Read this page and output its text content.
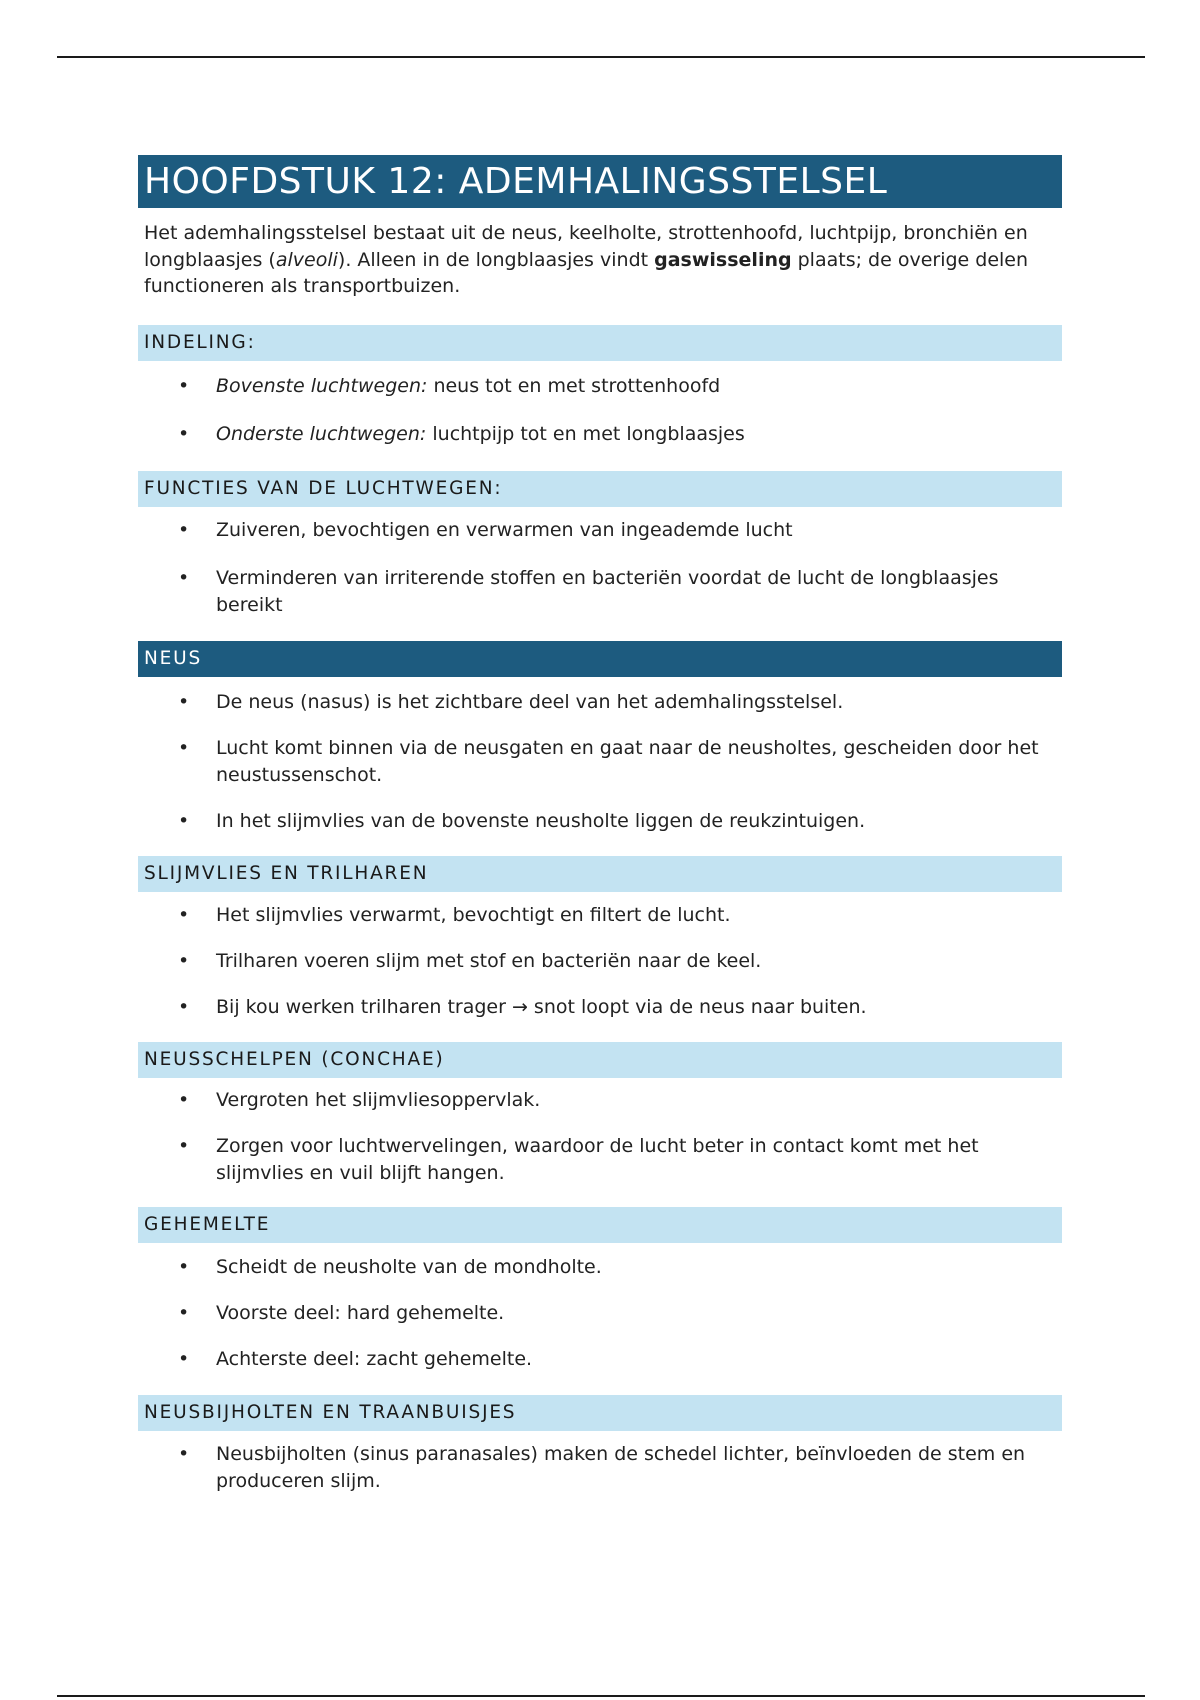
HOOFDSTUK 12: ADEMHALINGSSTELSEL

Het ademhalingsstelsel bestaat uit de neus, keelholte, strottenhoofd, luchtpijp, bronchiën en longblaasjes (alveoli). Alleen in de longblaasjes vindt gaswisseling plaats; de overige delen functioneren als transportbuizen.

INDELING:
• Bovenste luchtwegen: neus tot en met strottenhoofd
• Onderste luchtwegen: luchtpijp tot en met longblaasjes
FUNCTIES VAN DE LUCHTWEGEN:
• Zuiveren, bevochtigen en verwarmen van ingeademde lucht
• Verminderen van irriterende stoffen en bacteriën voordat de lucht de longblaasjes bereikt
NEUS
• De neus (nasus) is het zichtbare deel van het ademhalingsstelsel.
• Lucht komt binnen via de neusgaten en gaat naar de neusholtes, gescheiden door het neustussenschot.
• In het slijmvlies van de bovenste neusholte liggen de reukzintuigen.
SLIJMVLIES EN TRILHAREN
• Het slijmvlies verwarmt, bevochtigt en filtert de lucht.
• Trilharen voeren slijm met stof en bacteriën naar de keel.
• Bij kou werken trilharen trager → snot loopt via de neus naar buiten.
NEUSSCHELPEN (CONCHAE)
• Vergroten het slijmvliesoppervlak.
• Zorgen voor luchtwervelingen, waardoor de lucht beter in contact komt met het slijmvlies en vuil blijft hangen.
GEHEMELTE
• Scheidt de neusholte van de mondholte.
• Voorste deel: hard gehemelte.
• Achterste deel: zacht gehemelte.
NEUSBIJHOLTEN EN TRAANBUISJES
• Neusbijholten (sinus paranasales) maken de schedel lichter, beïnvloeden de stem en produceren slijm.
